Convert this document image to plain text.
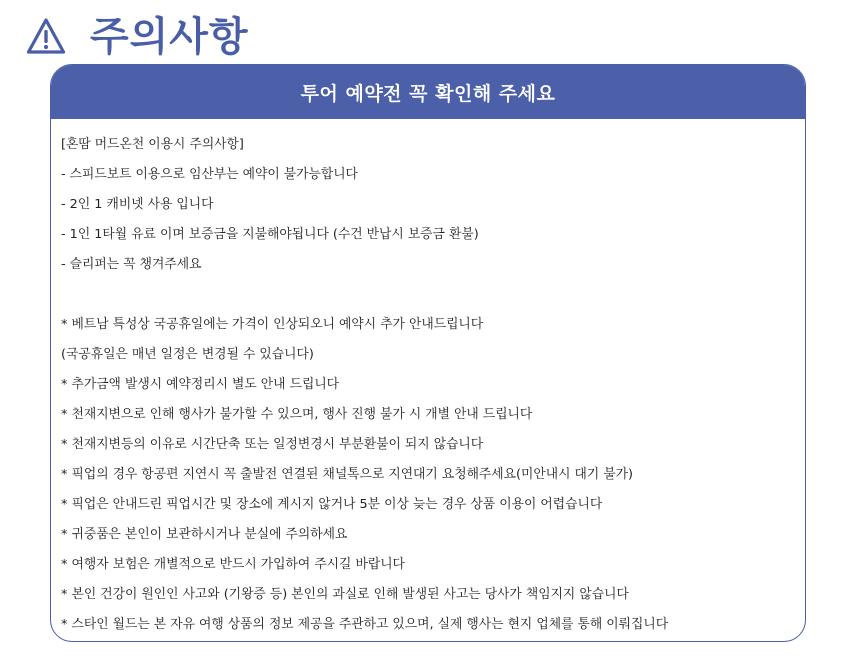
주의사항
투어 예약전 꼭 확인해 주세요
[혼땀 머드온천 이용시 주의사항]
- 스피드보트 이용으로 임산부는 예약이 불가능합니다
- 2인 1 캐비넷 사용 입니다
- 1인 1타월 유료 이며 보증금을 지불해야됩니다 (수건 반납시 보증금 환불)
- 슬리퍼는 꼭 챙겨주세요
* 베트남 특성상 국공휴일에는 가격이 인상되오니 예약시 추가 안내드립니다
(국공휴일은 매년 일정은 변경될 수 있습니다)
* 추가금액 발생시 예약정리시 별도 안내 드립니다
* 천재지변으로 인해 행사가 불가할 수 있으며, 행사 진행 불가 시 개별 안내 드립니다
* 천재지변등의 이유로 시간단축 또는 일정변경시 부분환불이 되지 않습니다
* 픽업의 경우 항공편 지연시 꼭 출발전 연결된 채널톡으로 지연대기 요청해주세요(미안내시 대기 불가)
* 픽업은 안내드린 픽업시간 및 장소에 계시지 않거나 5분 이상 늦는 경우 상품 이용이 어렵습니다
* 귀중품은 본인이 보관하시거나 분실에 주의하세요
* 여행자 보험은 개별적으로 반드시 가입하여 주시길 바랍니다
* 본인 건강이 원인인 사고와 (기왕증 등) 본인의 과실로 인해 발생된 사고는 당사가 책임지지 않습니다
* 스타인 월드는 본 자유 여행 상품의 정보 제공을 주관하고 있으며, 실제 행사는 현지 업체를 통해 이뤄집니다
